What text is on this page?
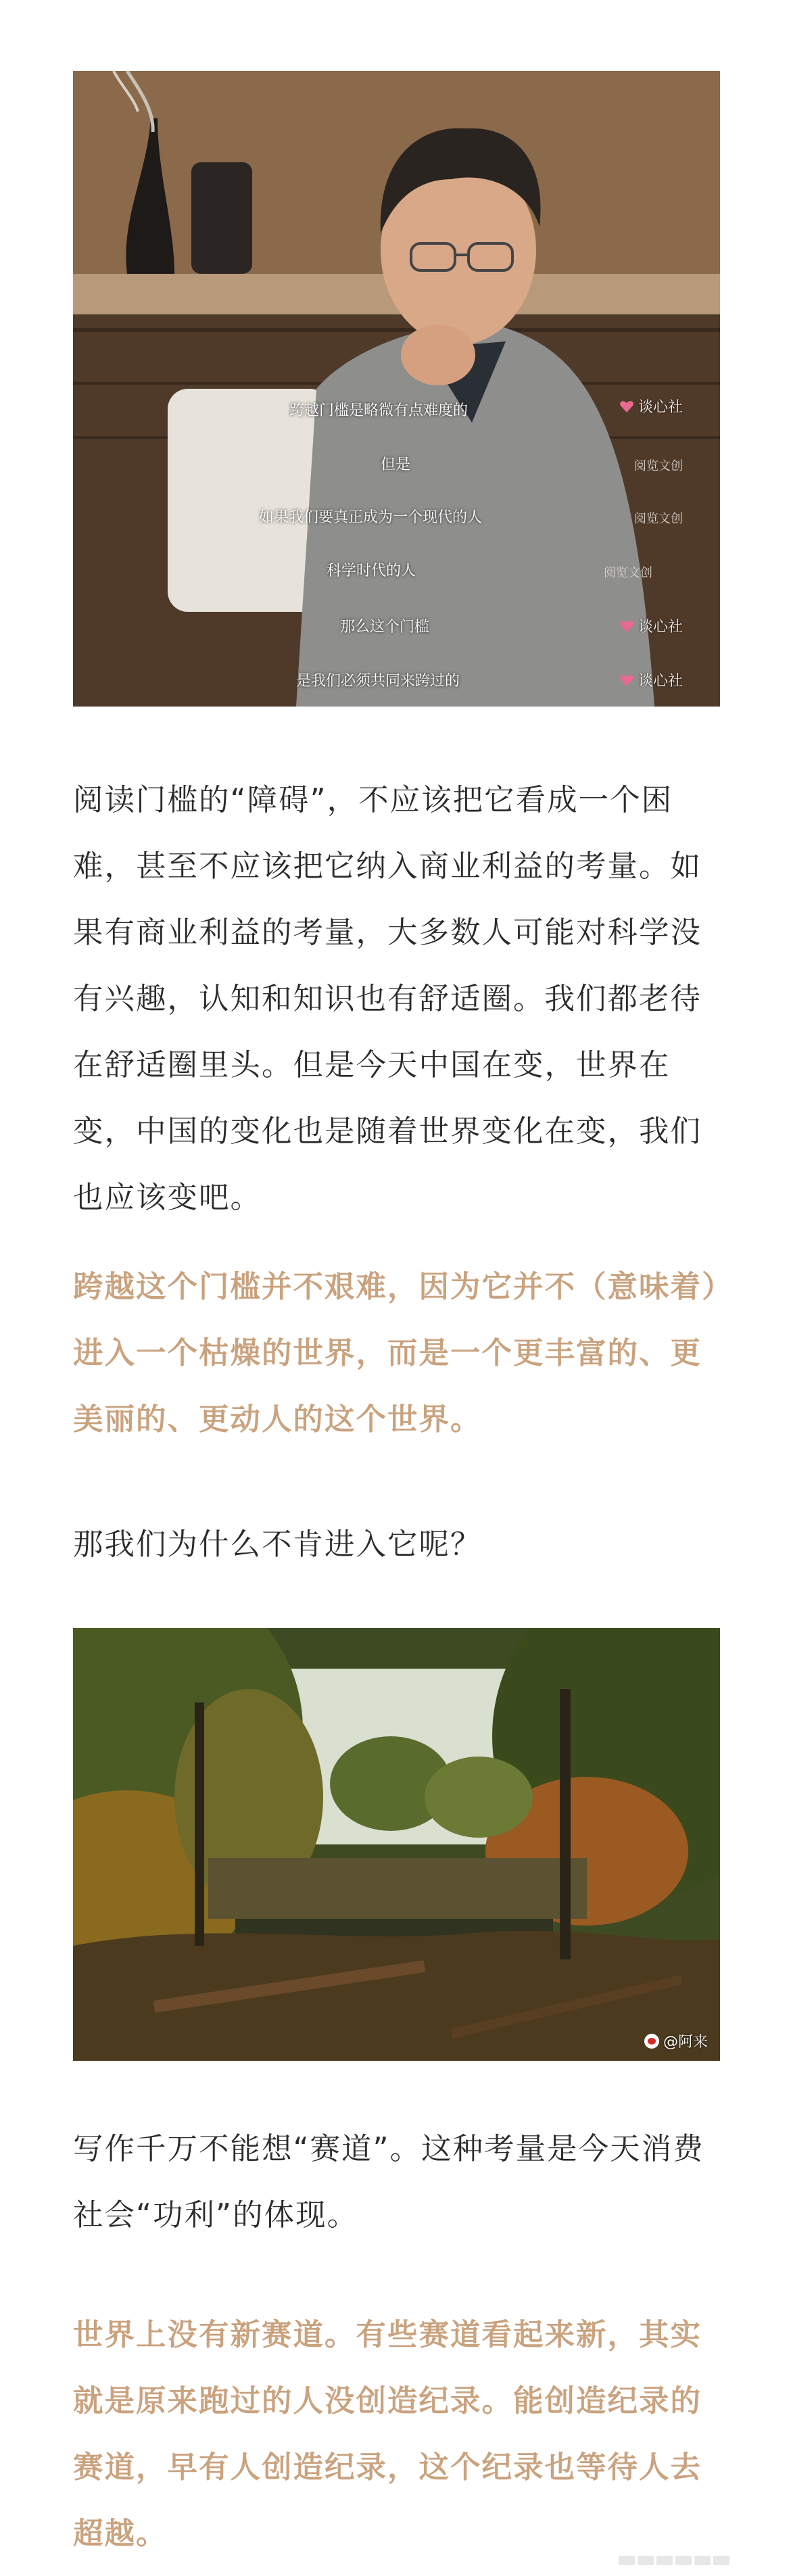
跨越门槛是略微有点难度的
但是
如果我们要真正成为一个现代的人
科学时代的人
那么这个门槛
是我们必须共同来跨过的
谈心社
阅览文创
阅览文创
阅览文创
谈心社
谈心社

阅读门槛的“障碍”，不应该把它看成一个困难，甚至不应该把它纳入商业利益的考量。如果有商业利益的考量，大多数人可能对科学没有兴趣，认知和知识也有舒适圈。我们都老待在舒适圈里头。但是今天中国在变，世界在变，中国的变化也是随着世界变化在变，我们也应该变吧。

跨越这个门槛并不艰难，因为它并不（意味着）进入一个枯燥的世界，而是一个更丰富的、更美丽的、更动人的这个世界。

那我们为什么不肯进入它呢？

@阿来

写作千万不能想“赛道”。这种考量是今天消费社会“功利”的体现。

世界上没有新赛道。有些赛道看起来新，其实就是原来跑过的人没创造纪录。能创造纪录的赛道，早有人创造纪录，这个纪录也等待人去超越。
